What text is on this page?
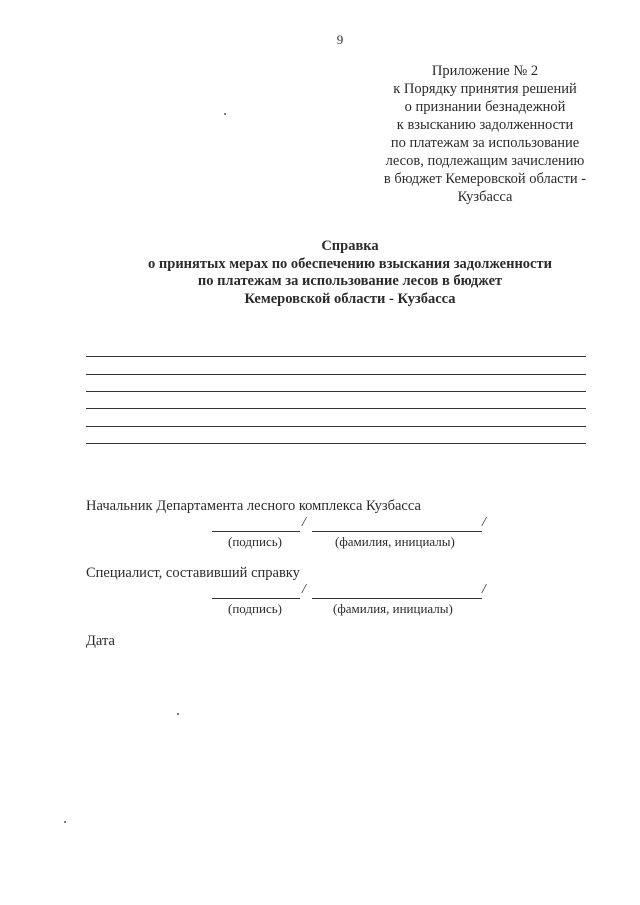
9
Приложение № 2
к Порядку принятия решений
о признании безнадежной
к взысканию задолженности
по платежам за использование
лесов, подлежащим зачислению
в бюджет Кемеровской области -
Кузбасса
Справка
о принятых мерах по обеспечению взыскания задолженности
по платежам за использование лесов в бюджет
Кемеровской области - Кузбасса
Начальник Департамента лесного комплекса Кузбасса
/	/
(подпись)	(фамилия, инициалы)
Специалист, составивший справку
/	/
(подпись)	(фамилия, инициалы)
Дата
